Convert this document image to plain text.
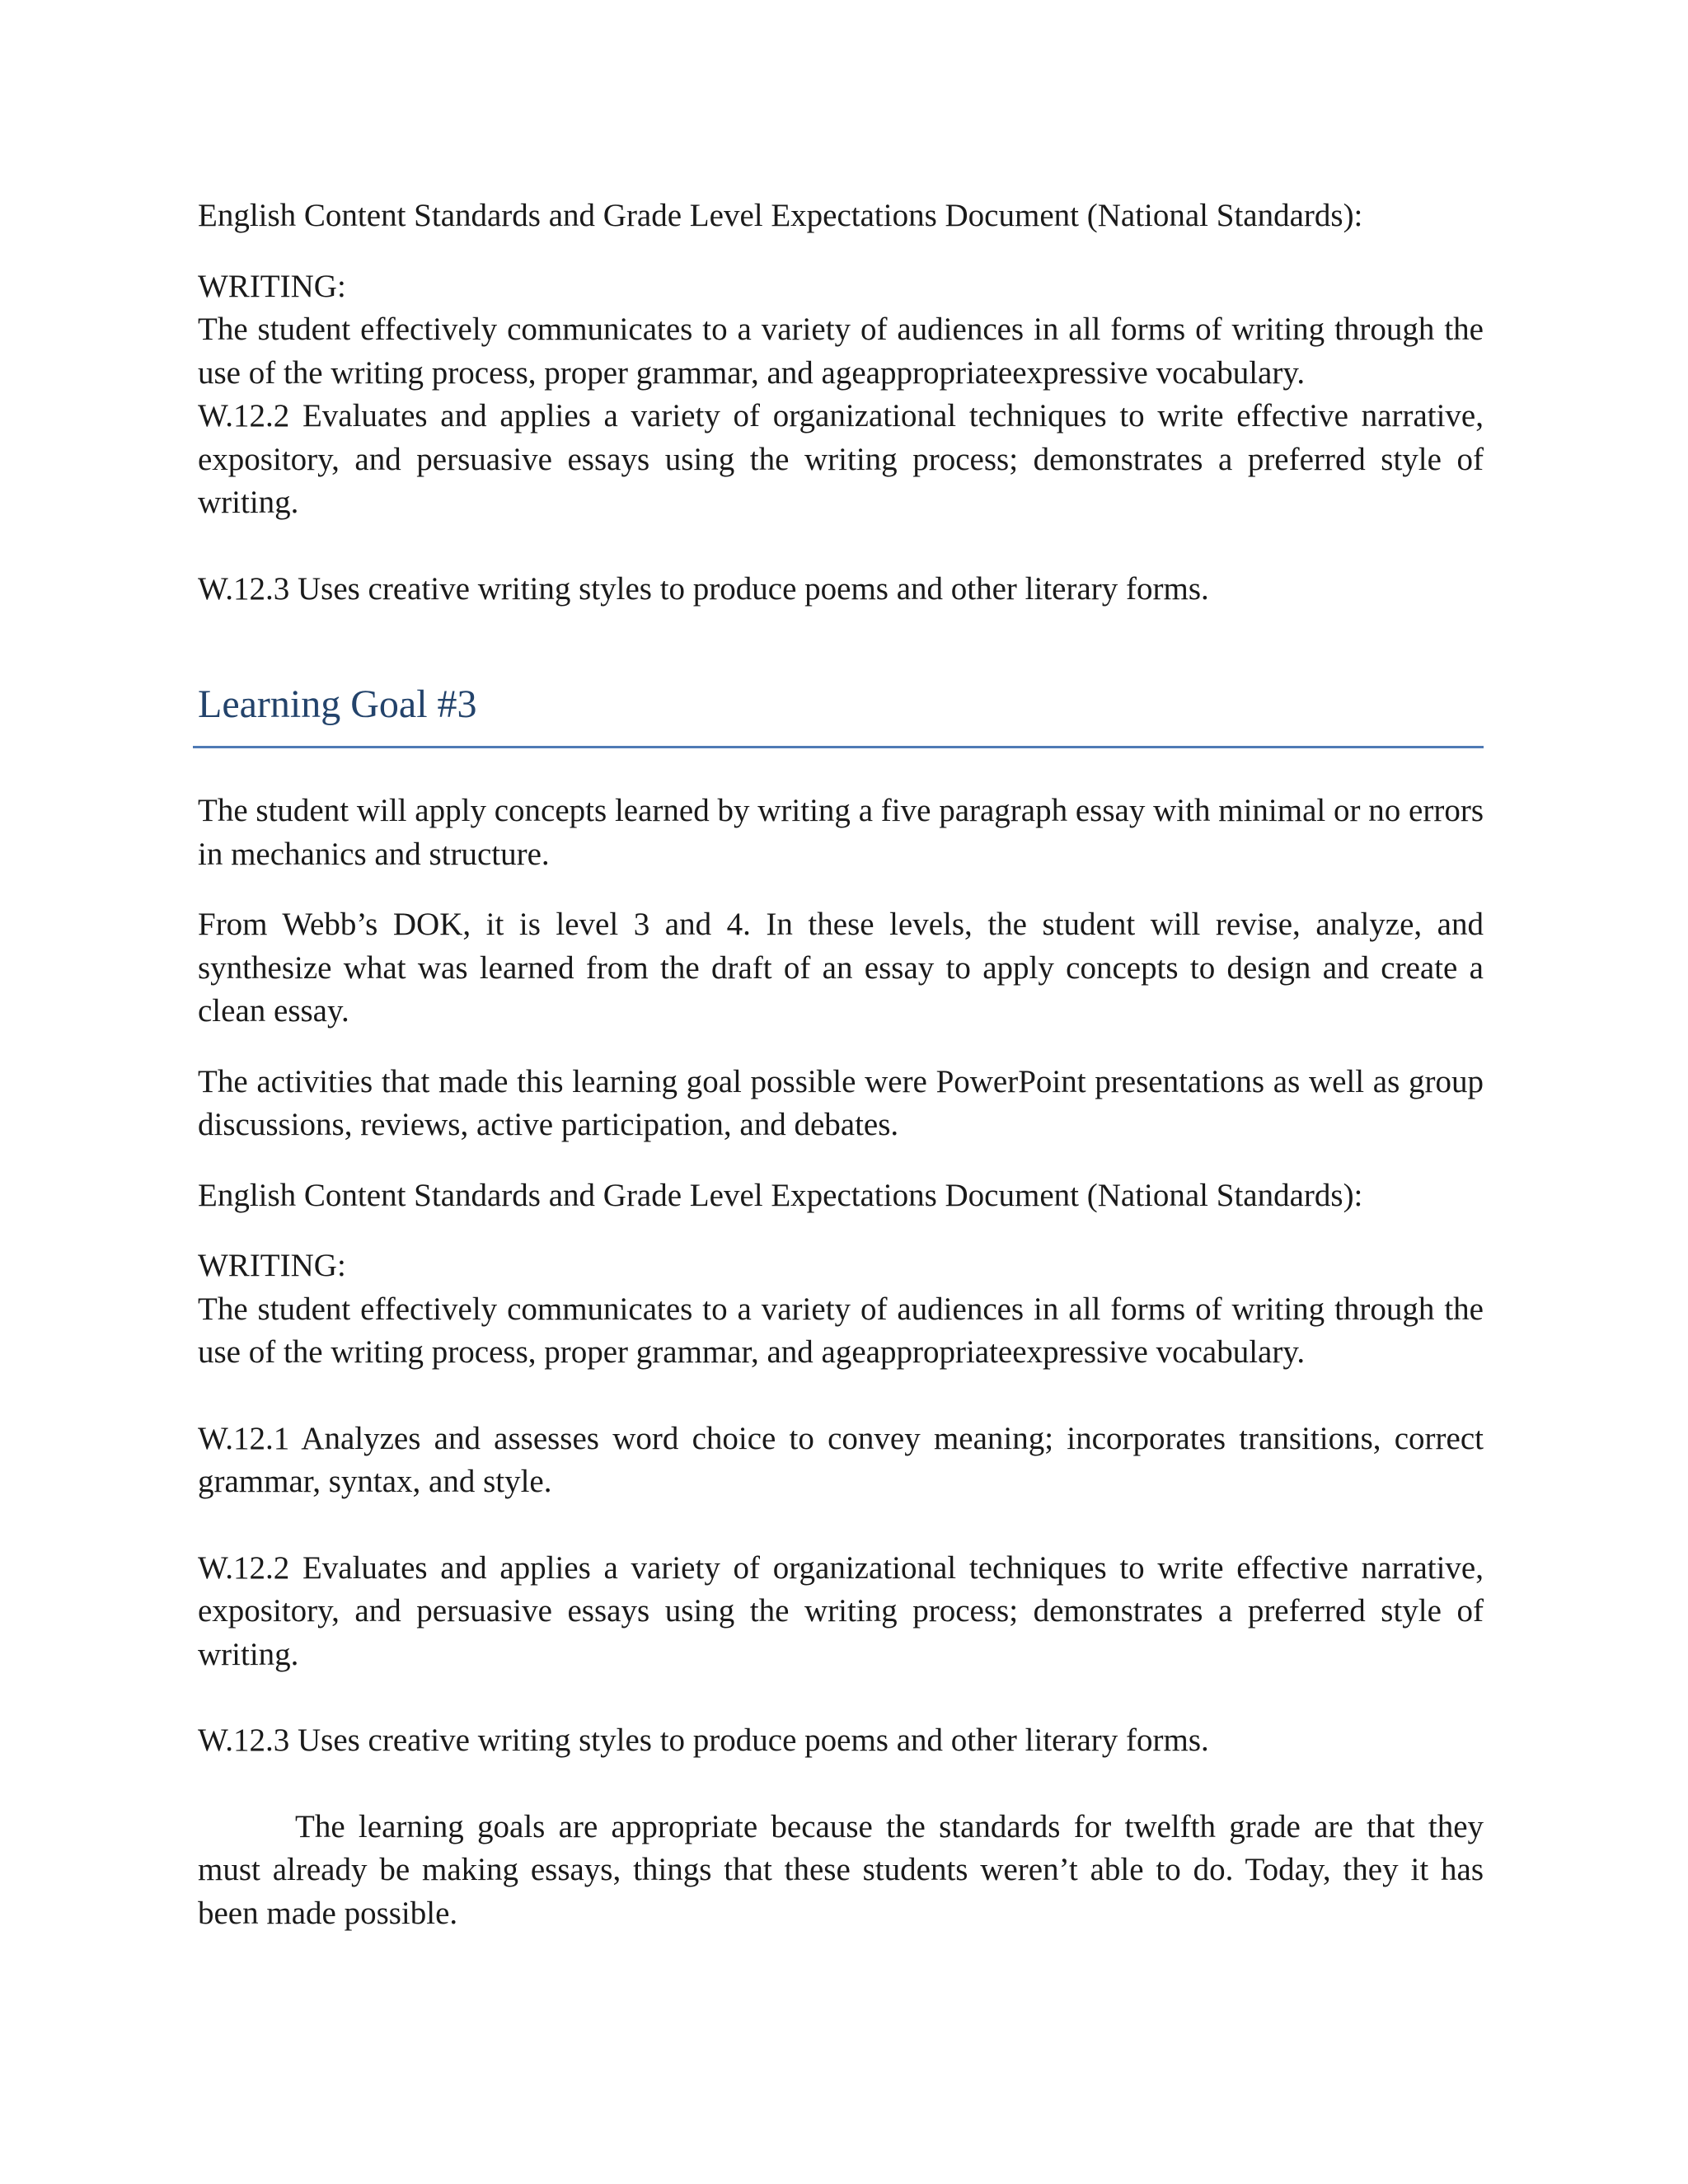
English Content Standards and Grade Level Expectations Document (National Standards):

WRITING:

The student effectively communicates to a variety of audiences in all forms of writing through the use of the writing process, proper grammar, and ageappropriateexpressive vocabulary.

W.12.2 Evaluates and applies a variety of organizational techniques to write effective narrative, expository, and persuasive essays using the writing process; demonstrates a preferred style of writing.

W.12.3 Uses creative writing styles to produce poems and other literary forms.

Learning Goal #3

The student will apply concepts learned by writing a five paragraph essay with minimal or no errors in mechanics and structure.

From Webb’s DOK, it is level 3 and 4. In these levels, the student will revise, analyze, and synthesize what was learned from the draft of an essay to apply concepts to design and create a clean essay.

The activities that made this learning goal possible were PowerPoint presentations as well as group discussions, reviews, active participation, and debates.

English Content Standards and Grade Level Expectations Document (National Standards):

WRITING:

The student effectively communicates to a variety of audiences in all forms of writing through the use of the writing process, proper grammar, and ageappropriateexpressive vocabulary.

W.12.1 Analyzes and assesses word choice to convey meaning; incorporates transitions, correct grammar, syntax, and style.

W.12.2 Evaluates and applies a variety of organizational techniques to write effective narrative, expository, and persuasive essays using the writing process; demonstrates a preferred style of writing.

W.12.3 Uses creative writing styles to produce poems and other literary forms.

The learning goals are appropriate because the standards for twelfth grade are that they must already be making essays, things that these students weren’t able to do. Today, they it has been made possible.
